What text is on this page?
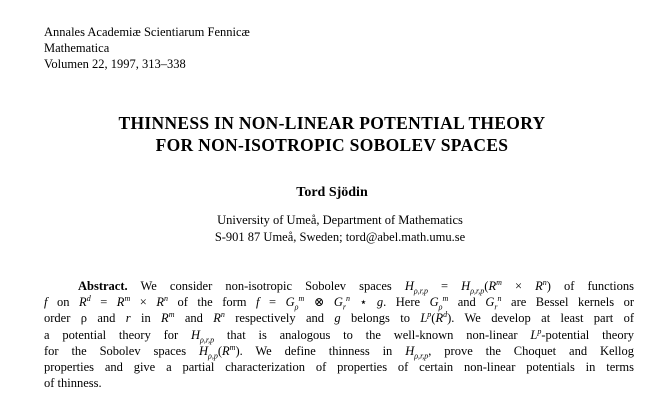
Annales Academiæ Scientiarum Fennicæ
Mathematica
Volumen 22, 1997, 313–338
THINNESS IN NON-LINEAR POTENTIAL THEORY
FOR NON-ISOTROPIC SOBOLEV SPACES
Tord Sjödin
University of Umeå, Department of Mathematics
S-901 87 Umeå, Sweden; tord@abel.math.umu.se
Abstract. We consider non-isotropic Sobolev spaces $H_{\rho,r,p} = H_{\rho,r,p}(R^m \times R^n)$ of functions
f on $R^d = R^m \times R^n$ of the form $f = G_\rho^m$ ⊗ $G_r^n$ ⋆ g. Here $G_\rho^m$ and $G_r^n$ are Bessel kernels or
order ρ and r in $R^m$ and $R^n$ respectively and g belongs to $L^p(R^d)$. We develop at least part of
a potential theory for $H_{\rho,r,p}$ that is analogous to the well-known non-linear $L^p$-potential theory
for the Sobolev spaces $H_{\rho,p}(R^m)$. We define thinness in $H_{\rho,r,p}$, prove the Choquet and Kellog
properties and give a partial characterization of properties of certain non-linear potentials in terms
of thinness.
